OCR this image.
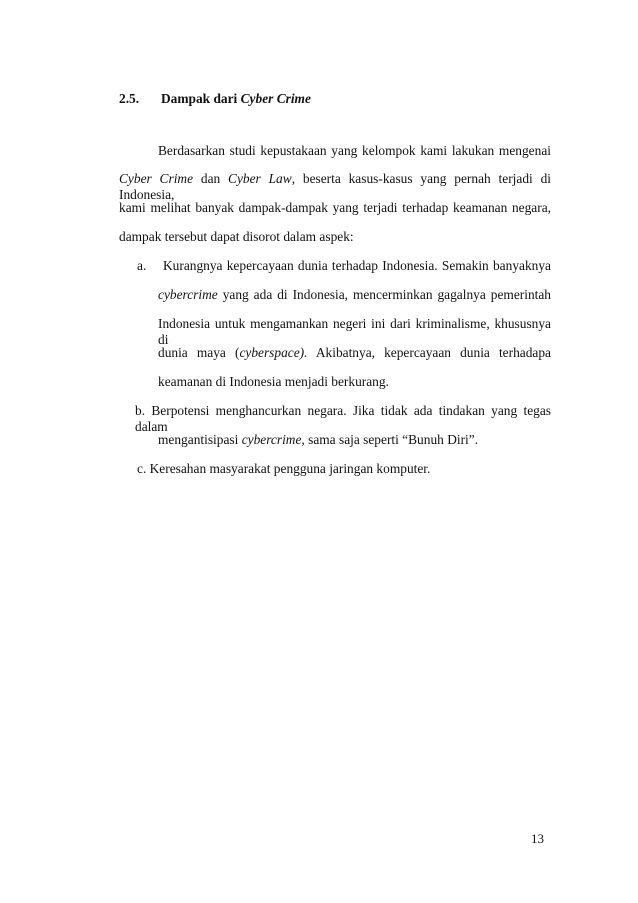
2.5. Dampak dari Cyber Crime
Berdasarkan studi kepustakaan yang kelompok kami lakukan mengenai
Cyber Crime dan Cyber Law, beserta kasus-kasus yang pernah terjadi di Indonesia,
kami melihat banyak dampak-dampak yang terjadi terhadap keamanan negara,
dampak tersebut dapat disorot dalam aspek:
a. Kurangnya kepercayaan dunia terhadap Indonesia. Semakin banyaknya
cybercrime yang ada di Indonesia, mencerminkan gagalnya pemerintah
Indonesia untuk mengamankan negeri ini dari kriminalisme, khususnya di
dunia maya (cyberspace). Akibatnya, kepercayaan dunia terhadapa
keamanan di Indonesia menjadi berkurang.
b. Berpotensi menghancurkan negara. Jika tidak ada tindakan yang tegas dalam
mengantisipasi cybercrime, sama saja seperti “Bunuh Diri”.
c. Keresahan masyarakat pengguna jaringan komputer.
13
